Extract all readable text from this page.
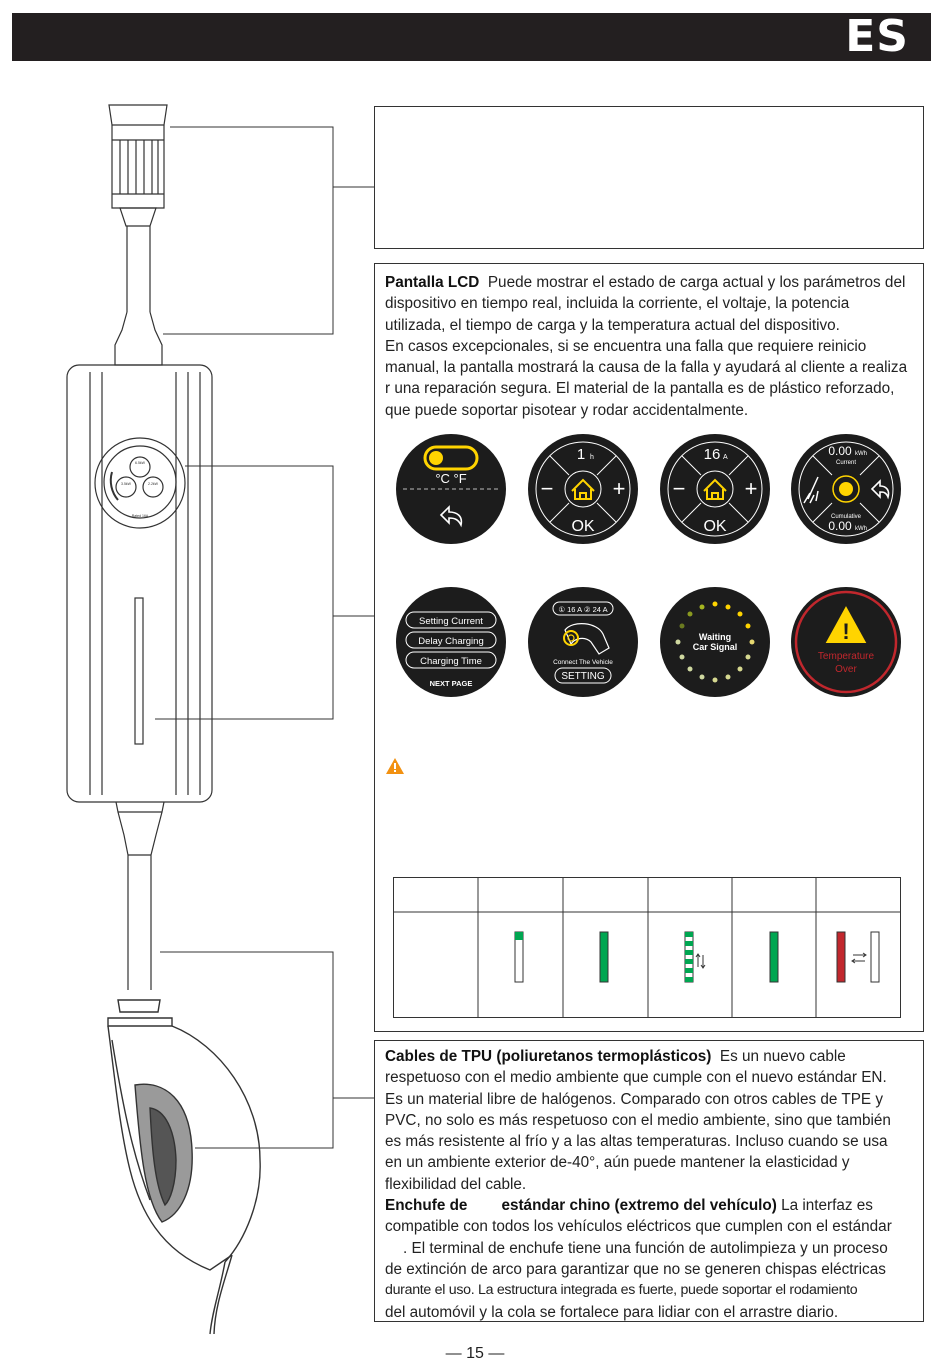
ES
6.5kW
3.5kW	2.2kW
Rated 16A
Pantalla LCD Puede mostrar el estado de carga actual y los parámetros del
dispositivo en tiempo real, incluida la corriente, el voltaje, la potencia
utilizada, el tiempo de carga y la temperatura actual del dispositivo.
En casos excepcionales, si se encuentra una falla que requiere reinicio
manual, la pantalla mostrará la causa de la falla y ayudará al cliente a realiza
r una reparación segura. El material de la pantalla es de plástico reforzado,
que puede soportar pisotear y rodar accidentalmente.
°C °F
1 h
−	+
OK
16 A
−	+
OK
0.00 kWh
Current
Cumulative
0.00 kWh
Setting Current
Delay Charging
Charging Time
NEXT PAGE
① 16 A ② 24 A
Connect The Vehicle
SETTING
Waiting
Car Signal
!
Temperature
Over
Cables de TPU (poliuretanos termoplásticos) Es un nuevo cable
respetuoso con el medio ambiente que cumple con el nuevo estándar EN.
Es un material libre de halógenos. Comparado con otros cables de TPE y
PVC, no solo es más respetuoso con el medio ambiente, sino que también
es más resistente al frío y a las altas temperaturas. Incluso cuando se usa
en un ambiente exterior de-40°, aún puede mantener la elasticidad y
flexibilidad del cable.
Enchufe de estándar chino (extremo del vehículo) La interfaz es
compatible con todos los vehículos eléctricos que cumplen con el estándar
. El terminal de enchufe tiene una función de autolimpieza y un proceso
de extinción de arco para garantizar que no se generen chispas eléctricas
durante el uso. La estructura integrada es fuerte, puede soportar el rodamiento
del automóvil y la cola se fortalece para lidiar con el arrastre diario.
— 15 —
